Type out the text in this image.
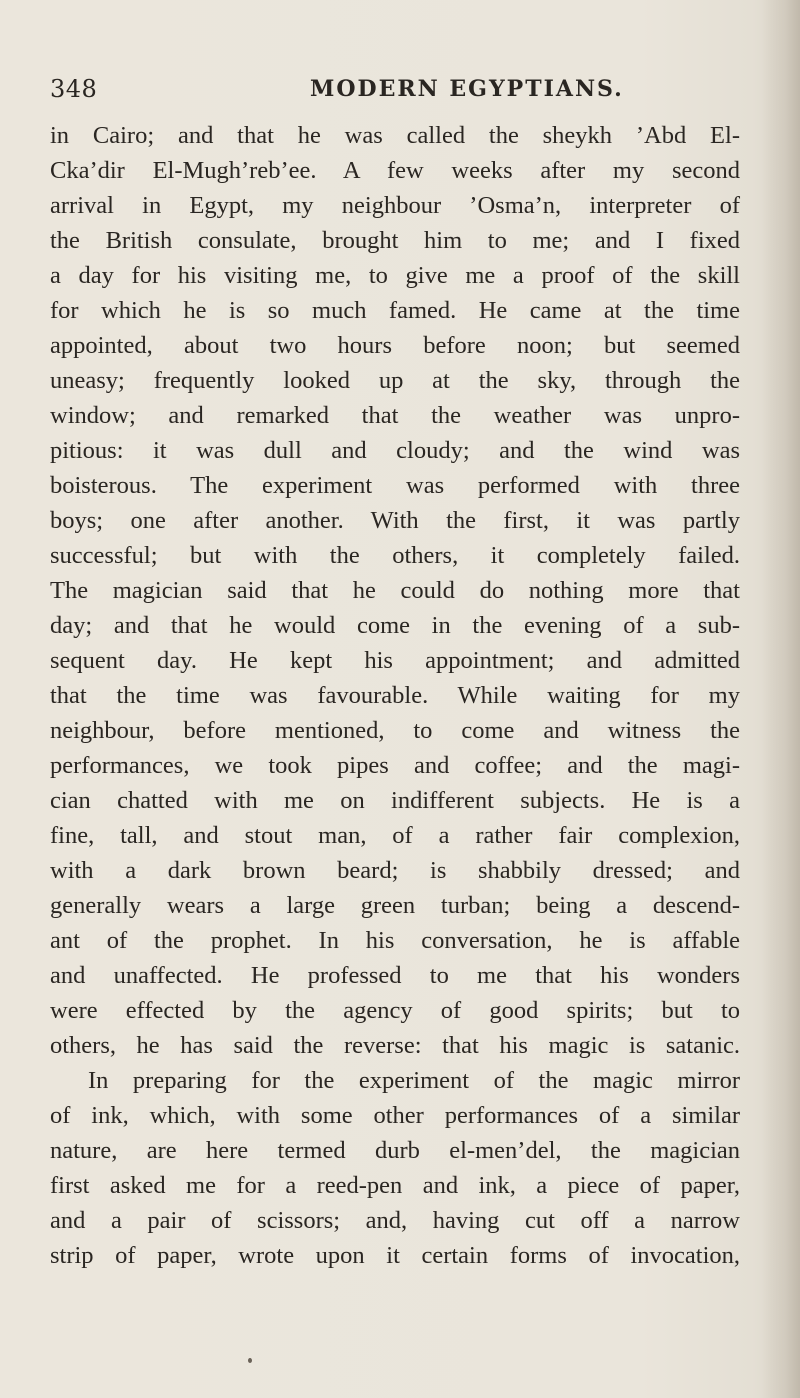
348	MODERN EGYPTIANS.
in Cairo; and that he was called the sheykh ’Abd El-
Cka’dir El-Mugh’reb’ee. A few weeks after my second
arrival in Egypt, my neighbour ’Osma’n, interpreter of
the British consulate, brought him to me; and I fixed
a day for his visiting me, to give me a proof of the skill
for which he is so much famed. He came at the time
appointed, about two hours before noon; but seemed
uneasy; frequently looked up at the sky, through the
window; and remarked that the weather was unpro-
pitious: it was dull and cloudy; and the wind was
boisterous. The experiment was performed with three
boys; one after another. With the first, it was partly
successful; but with the others, it completely failed.
The magician said that he could do nothing more that
day; and that he would come in the evening of a sub-
sequent day. He kept his appointment; and admitted
that the time was favourable. While waiting for my
neighbour, before mentioned, to come and witness the
performances, we took pipes and coffee; and the magi-
cian chatted with me on indifferent subjects. He is a
fine, tall, and stout man, of a rather fair complexion,
with a dark brown beard; is shabbily dressed; and
generally wears a large green turban; being a descend-
ant of the prophet. In his conversation, he is affable
and unaffected. He professed to me that his wonders
were effected by the agency of good spirits; but to
others, he has said the reverse: that his magic is satanic.
In preparing for the experiment of the magic mirror
of ink, which, with some other performances of a similar
nature, are here termed durb el-men’del, the magician
first asked me for a reed-pen and ink, a piece of paper,
and a pair of scissors; and, having cut off a narrow
strip of paper, wrote upon it certain forms of invocation,
